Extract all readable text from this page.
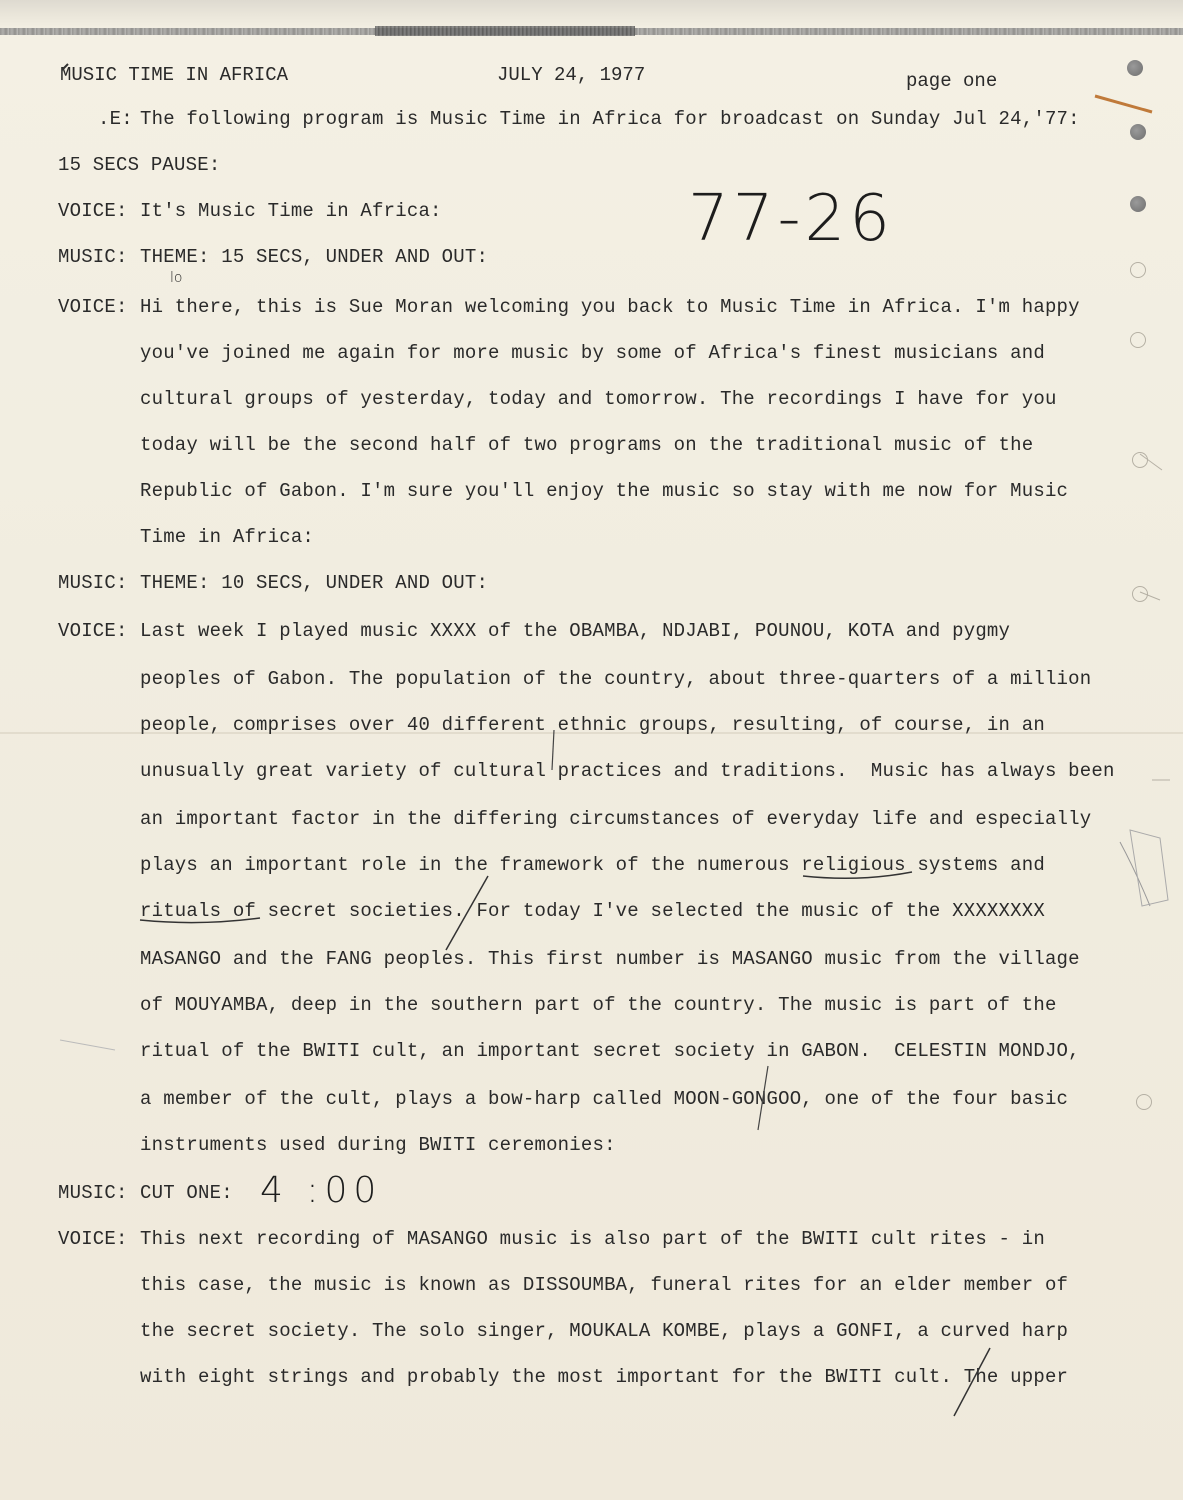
MUSIC TIME IN AFRICA	JULY 24, 1977	page one
.E: The following program is Music Time in Africa for broadcast on Sunday Jul 24,'77:
15 SECS PAUSE:
VOICE: It's Music Time in Africa:
MUSIC: THEME: 15 SECS, UNDER AND OUT:
VOICE: Hi there, this is Sue Moran welcoming you back to Music Time in Africa. I'm happy
you've joined me again for more music by some of Africa's finest musicians and
cultural groups of yesterday, today and tomorrow. The recordings I have for you
today will be the second half of two programs on the traditional music of the
Republic of Gabon. I'm sure you'll enjoy the music so stay with me now for Music
Time in Africa:
MUSIC: THEME: 10 SECS, UNDER AND OUT:
VOICE: Last week I played music XXXX of the OBAMBA, NDJABI, POUNOU, KOTA and pygmy
peoples of Gabon. The population of the country, about three-quarters of a million
people, comprises over 40 different ethnic groups, resulting, of course, in an
unusually great variety of cultural practices and traditions.  Music has always been
an important factor in the differing circumstances of everyday life and especially
plays an important role in the framework of the numerous religious systems and
rituals of secret societies. For today I've selected the music of the XXXXXXXX
MASANGO and the FANG peoples. This first number is MASANGO music from the village
of MOUYAMBA, deep in the southern part of the country. The music is part of the
ritual of the BWITI cult, an important secret society in GABON.  CELESTIN MONDJO,
a member of the cult, plays a bow-harp called MOON-GONGOO, one of the four basic
instruments used during BWITI ceremonies:
MUSIC: CUT ONE:
VOICE: This next recording of MASANGO music is also part of the BWITI cult rites - in
this case, the music is known as DISSOUMBA, funeral rites for an elder member of
the secret society. The solo singer, MOUKALA KOMBE, plays a GONFI, a curved harp
with eight strings and probably the most important for the BWITI cult. The upper
77-26
4 :00
lo
